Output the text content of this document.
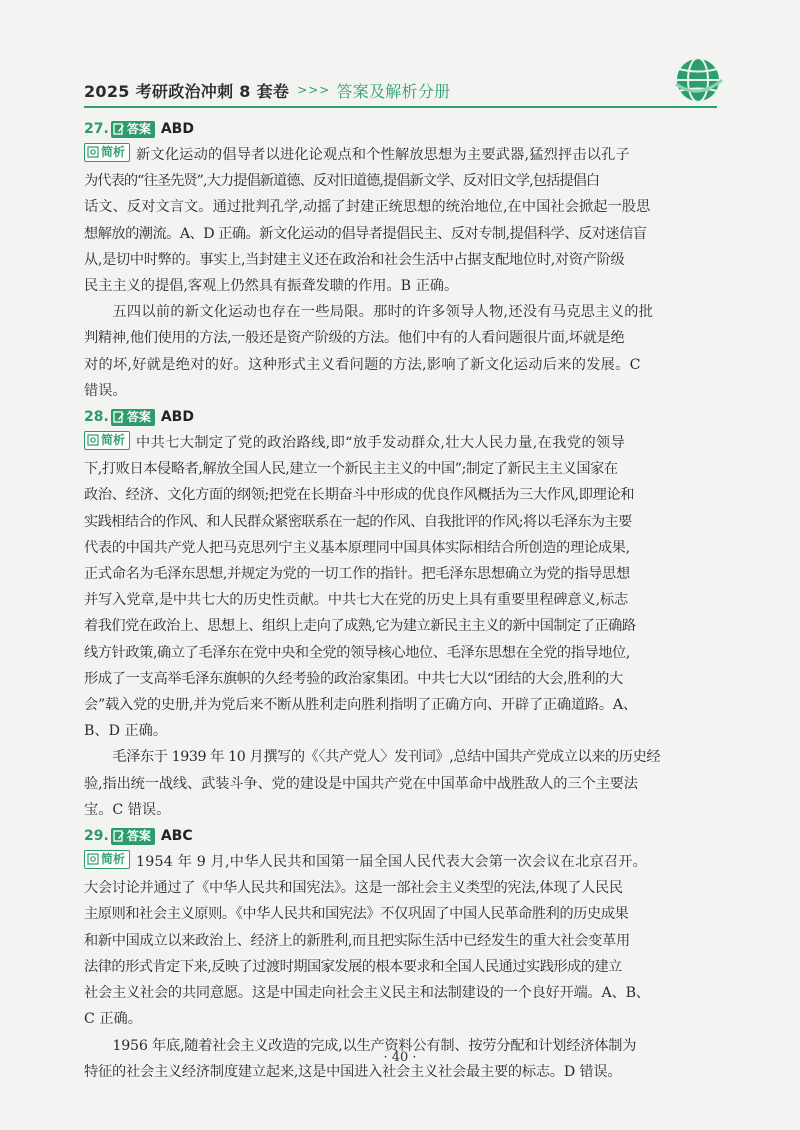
2025 考研政治冲刺 8 套卷 >>> 答案及解析分册
27. 答案 ABD

简析 新文化运动的倡导者以进化论观点和个性解放思想为主要武器,猛烈抨击以孔子
为代表的“往圣先贤”,大力提倡新道德、反对旧道德,提倡新文学、反对旧文学,包括提倡白
话文、反对文言文。通过批判孔学,动摇了封建正统思想的统治地位,在中国社会掀起一股思
想解放的潮流。A、D 正确。新文化运动的倡导者提倡民主、反对专制,提倡科学、反对迷信盲
从,是切中时弊的。事实上,当封建主义还在政治和社会生活中占据支配地位时,对资产阶级
民主主义的提倡,客观上仍然具有振聋发聩的作用。B 正确。

五四以前的新文化运动也存在一些局限。那时的许多领导人物,还没有马克思主义的批
判精神,他们使用的方法,一般还是资产阶级的方法。他们中有的人看问题很片面,坏就是绝
对的坏,好就是绝对的好。这种形式主义看问题的方法,影响了新文化运动后来的发展。C
错误。

28. 答案 ABD

简析 中共七大制定了党的政治路线,即“放手发动群众,壮大人民力量,在我党的领导
下,打败日本侵略者,解放全国人民,建立一个新民主主义的中国”;制定了新民主主义国家在
政治、经济、文化方面的纲领;把党在长期奋斗中形成的优良作风概括为三大作风,即理论和
实践相结合的作风、和人民群众紧密联系在一起的作风、自我批评的作风;将以毛泽东为主要
代表的中国共产党人把马克思列宁主义基本原理同中国具体实际相结合所创造的理论成果,
正式命名为毛泽东思想,并规定为党的一切工作的指针。把毛泽东思想确立为党的指导思想
并写入党章,是中共七大的历史性贡献。中共七大在党的历史上具有重要里程碑意义,标志
着我们党在政治上、思想上、组织上走向了成熟,它为建立新民主主义的新中国制定了正确路
线方针政策,确立了毛泽东在党中央和全党的领导核心地位、毛泽东思想在全党的指导地位,
形成了一支高举毛泽东旗帜的久经考验的政治家集团。中共七大以“团结的大会,胜利的大
会”载入党的史册,并为党后来不断从胜利走向胜利指明了正确方向、开辟了正确道路。A、
B、D 正确。

毛泽东于 1939 年 10 月撰写的《〈共产党人〉发刊词》,总结中国共产党成立以来的历史经
验,指出统一战线、武装斗争、党的建设是中国共产党在中国革命中战胜敌人的三个主要法
宝。C 错误。

29. 答案 ABC

简析 1954 年 9 月,中华人民共和国第一届全国人民代表大会第一次会议在北京召开。
大会讨论并通过了《中华人民共和国宪法》。这是一部社会主义类型的宪法,体现了人民民
主原则和社会主义原则。《中华人民共和国宪法》不仅巩固了中国人民革命胜利的历史成果
和新中国成立以来政治上、经济上的新胜利,而且把实际生活中已经发生的重大社会变革用
法律的形式肯定下来,反映了过渡时期国家发展的根本要求和全国人民通过实践形成的建立
社会主义社会的共同意愿。这是中国走向社会主义民主和法制建设的一个良好开端。A、B、
C 正确。

1956 年底,随着社会主义改造的完成,以生产资料公有制、按劳分配和计划经济体制为
特征的社会主义经济制度建立起来,这是中国进入社会主义社会最主要的标志。D 错误。

· 40 ·
